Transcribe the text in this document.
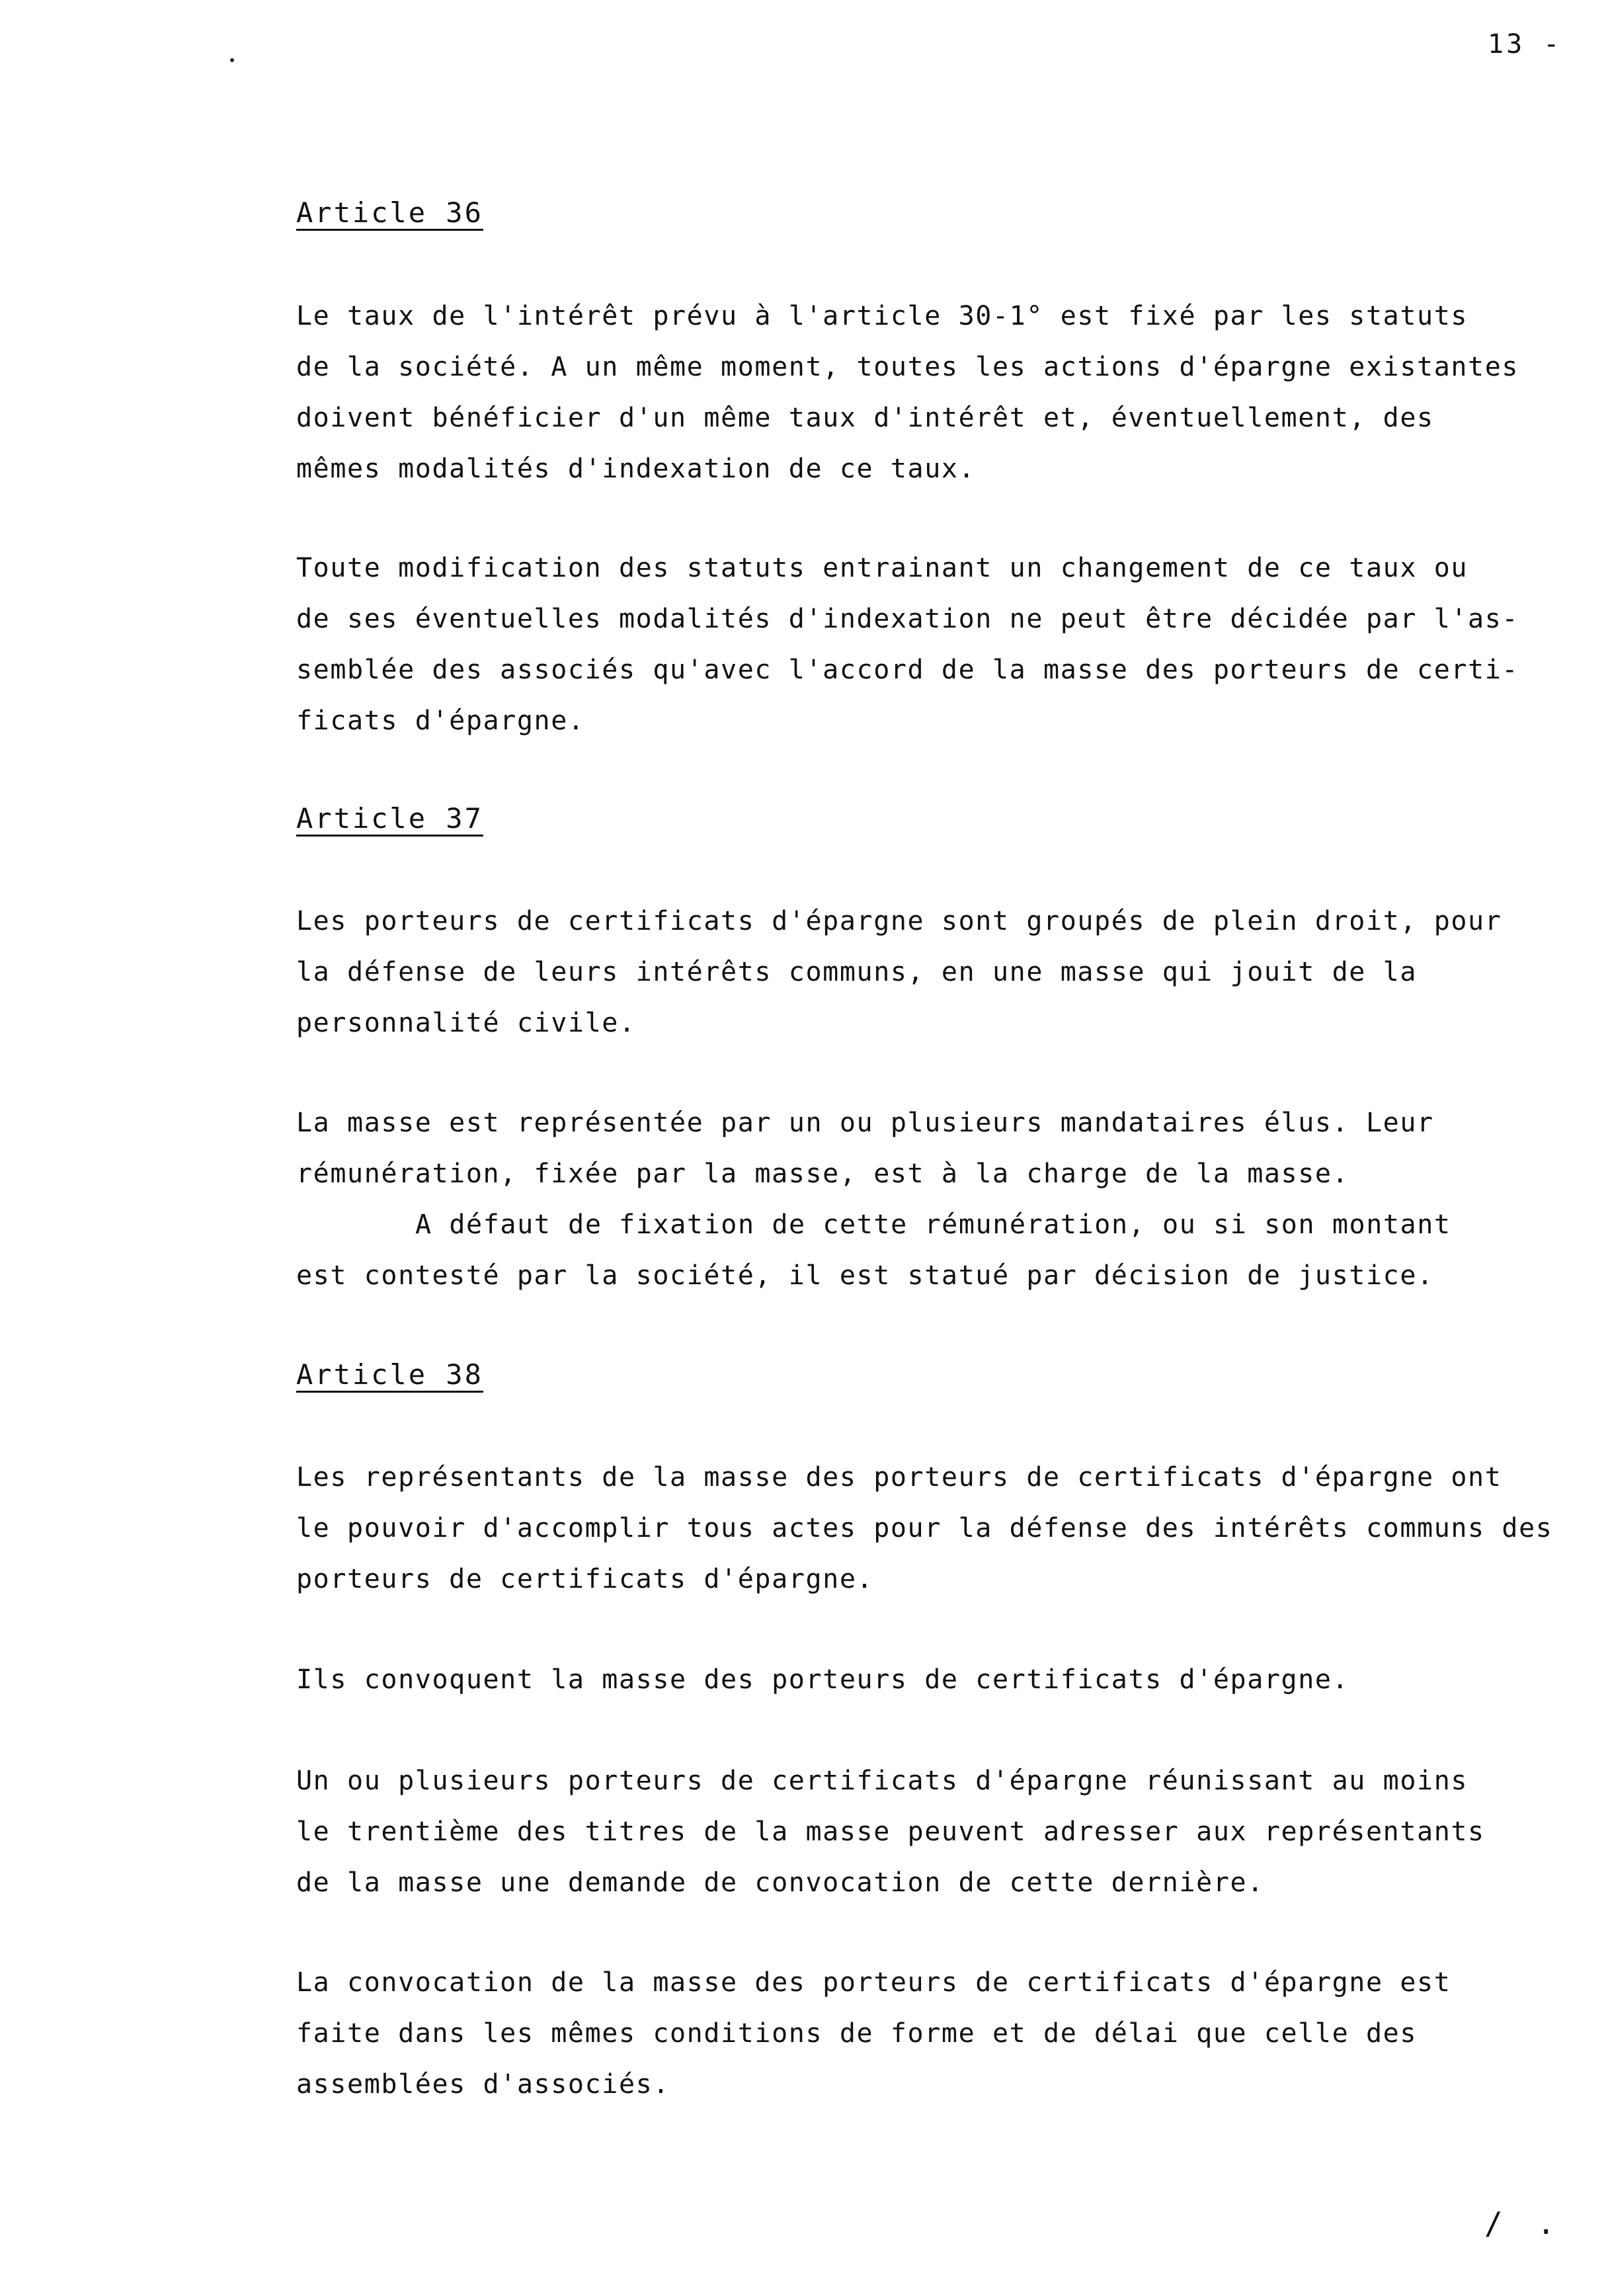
13 -
Article 36
Le taux de l'intérêt prévu à l'article 30-1° est fixé par les statuts
de la société. A un même moment, toutes les actions d'épargne existantes
doivent bénéficier d'un même taux d'intérêt et, éventuellement, des
mêmes modalités d'indexation de ce taux.
Toute modification des statuts entrainant un changement de ce taux ou
de ses éventuelles modalités d'indexation ne peut être décidée par l'as-
semblée des associés qu'avec l'accord de la masse des porteurs de certi-
ficats d'épargne.
Article 37
Les porteurs de certificats d'épargne sont groupés de plein droit, pour
la défense de leurs intérêts communs, en une masse qui jouit de la
personnalité civile.
La masse est représentée par un ou plusieurs mandataires élus. Leur
rémunération, fixée par la masse, est à la charge de la masse.
A défaut de fixation de cette rémunération, ou si son montant
est contesté par la société, il est statué par décision de justice.
Article 38
Les représentants de la masse des porteurs de certificats d'épargne ont
le pouvoir d'accomplir tous actes pour la défense des intérêts communs des
porteurs de certificats d'épargne.
Ils convoquent la masse des porteurs de certificats d'épargne.
Un ou plusieurs porteurs de certificats d'épargne réunissant au moins
le trentième des titres de la masse peuvent adresser aux représentants
de la masse une demande de convocation de cette dernière.
La convocation de la masse des porteurs de certificats d'épargne est
faite dans les mêmes conditions de forme et de délai que celle des
assemblées d'associés.
/ .
